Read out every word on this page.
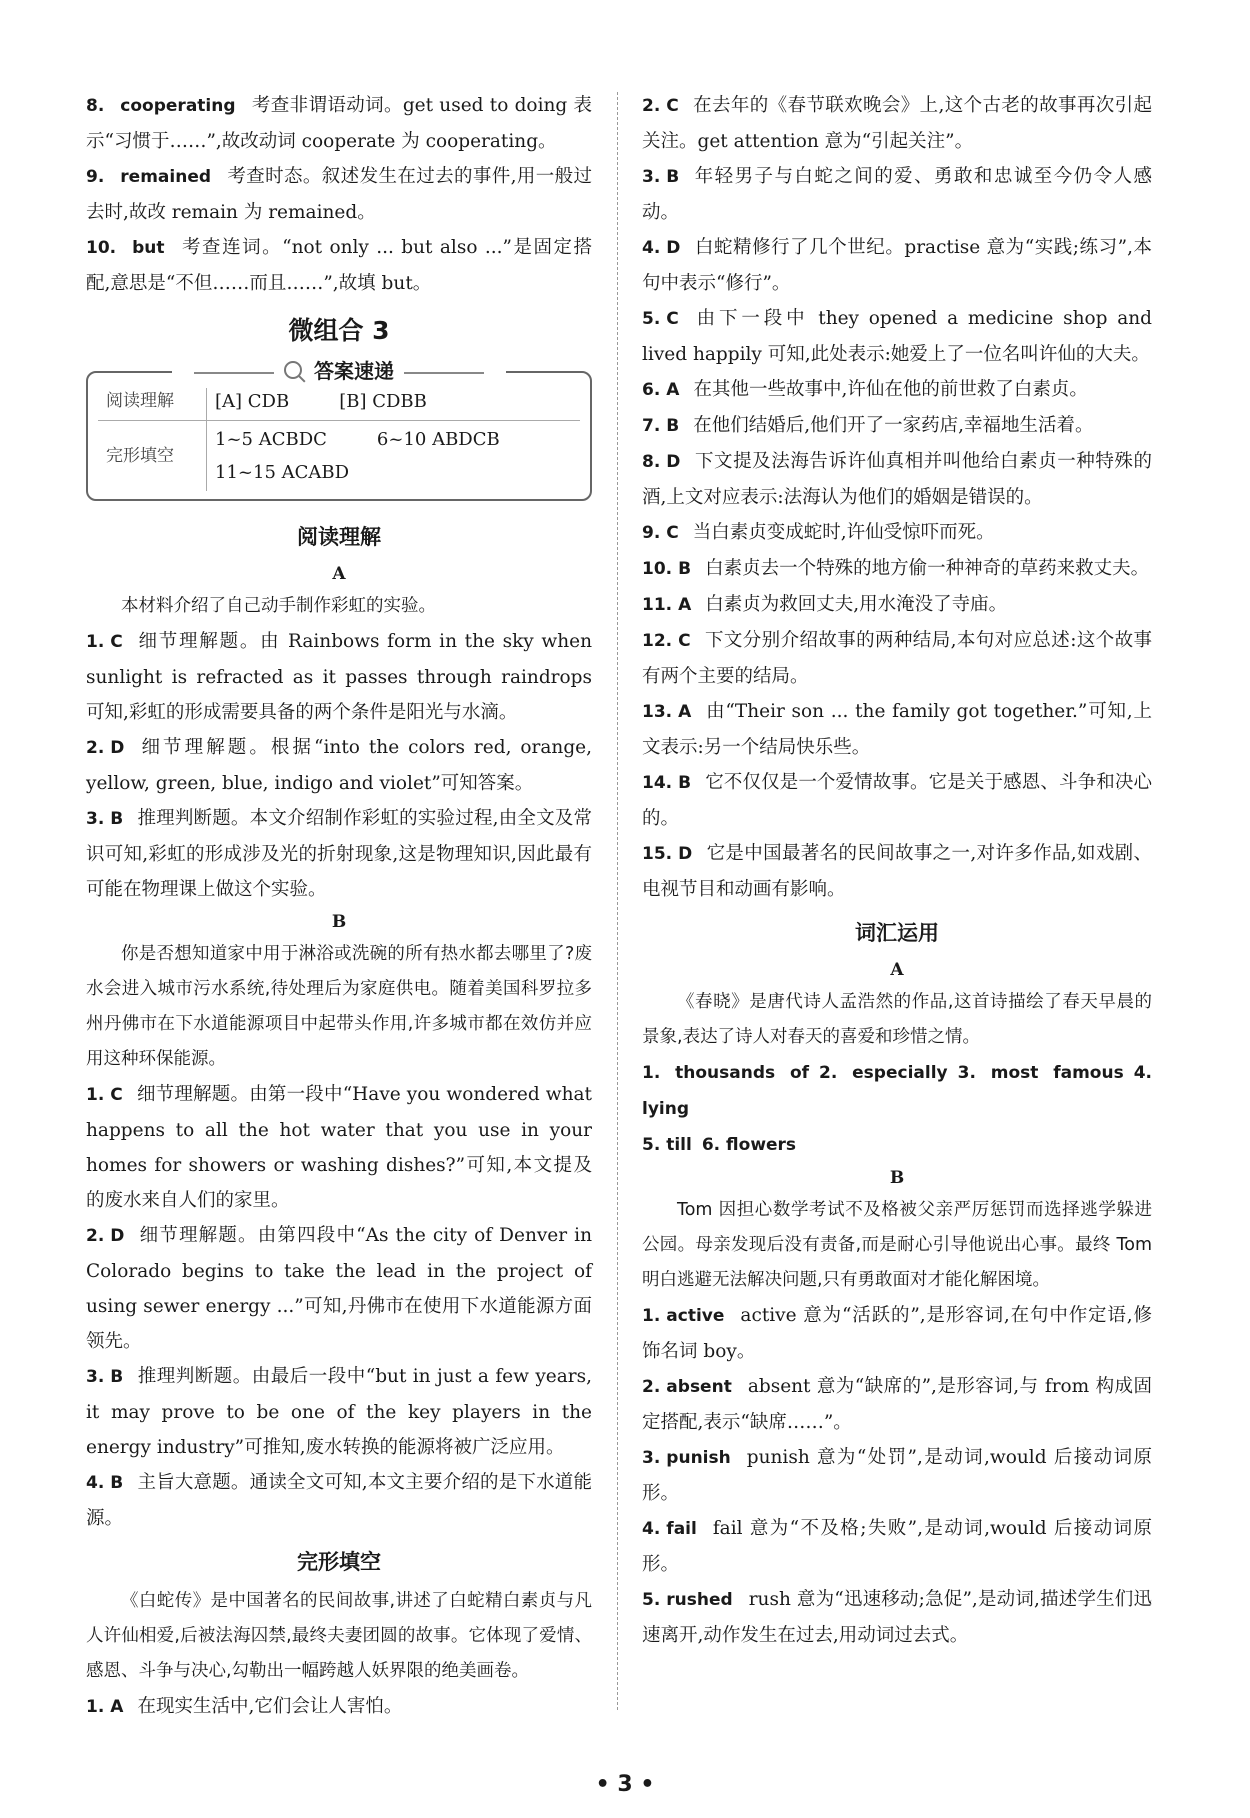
8. cooperating 考查非谓语动词。get used to doing 表示“习惯于……”,故改动词 cooperate 为 cooperating。

9. remained 考查时态。叙述发生在过去的事件,用一般过去时,故改 remain 为 remained。

10. but 考查连词。“not only ... but also ...”是固定搭配,意思是“不但……而且……”,故填 but。

微组合 3
答案速递
阅读理解	[A] CDB [B] CDBB
完形填空	1~5 ACBDC 6~10 ABDCB
11~15 ACABD
阅读理解
A

本材料介绍了自己动手制作彩虹的实验。

1. C 细节理解题。由 Rainbows form in the sky when sunlight is refracted as it passes through raindrops 可知,彩虹的形成需要具备的两个条件是阳光与水滴。

2. D 细节理解题。根据“into the colors red, orange, yellow, green, blue, indigo and violet”可知答案。

3. B 推理判断题。本文介绍制作彩虹的实验过程,由全文及常识可知,彩虹的形成涉及光的折射现象,这是物理知识,因此最有可能在物理课上做这个实验。

B

你是否想知道家中用于淋浴或洗碗的所有热水都去哪里了?废水会进入城市污水系统,待处理后为家庭供电。随着美国科罗拉多州丹佛市在下水道能源项目中起带头作用,许多城市都在效仿并应用这种环保能源。

1. C 细节理解题。由第一段中“Have you wondered what happens to all the hot water that you use in your homes for showers or washing dishes?”可知,本文提及的废水来自人们的家里。

2. D 细节理解题。由第四段中“As the city of Denver in Colorado begins to take the lead in the project of using sewer energy ...”可知,丹佛市在使用下水道能源方面领先。

3. B 推理判断题。由最后一段中“but in just a few years, it may prove to be one of the key players in the energy industry”可推知,废水转换的能源将被广泛应用。

4. B 主旨大意题。通读全文可知,本文主要介绍的是下水道能源。

完形填空

《白蛇传》是中国著名的民间故事,讲述了白蛇精白素贞与凡人许仙相爱,后被法海囚禁,最终夫妻团圆的故事。它体现了爱情、感恩、斗争与决心,勾勒出一幅跨越人妖界限的绝美画卷。

1. A 在现实生活中,它们会让人害怕。

2. C 在去年的《春节联欢晚会》上,这个古老的故事再次引起关注。get attention 意为“引起关注”。

3. B 年轻男子与白蛇之间的爱、勇敢和忠诚至今仍令人感动。

4. D 白蛇精修行了几个世纪。practise 意为“实践;练习”,本句中表示“修行”。

5. C 由下一段中 they opened a medicine shop and lived happily 可知,此处表示:她爱上了一位名叫许仙的大夫。

6. A 在其他一些故事中,许仙在他的前世救了白素贞。

7. B 在他们结婚后,他们开了一家药店,幸福地生活着。

8. D 下文提及法海告诉许仙真相并叫他给白素贞一种特殊的酒,上文对应表示:法海认为他们的婚姻是错误的。

9. C 当白素贞变成蛇时,许仙受惊吓而死。

10. B 白素贞去一个特殊的地方偷一种神奇的草药来救丈夫。

11. A 白素贞为救回丈夫,用水淹没了寺庙。

12. C 下文分别介绍故事的两种结局,本句对应总述:这个故事有两个主要的结局。

13. A 由“Their son ... the family got together.”可知,上文表示:另一个结局快乐些。

14. B 它不仅仅是一个爱情故事。它是关于感恩、斗争和决心的。

15. D 它是中国最著名的民间故事之一,对许多作品,如戏剧、电视节目和动画有影响。

词汇运用
A

《春晓》是唐代诗人孟浩然的作品,这首诗描绘了春天早晨的景象,表达了诗人对春天的喜爱和珍惜之情。

1. thousands of 2. especially 3. most famous 4. lying

5. till 6. flowers

B

Tom 因担心数学考试不及格被父亲严厉惩罚而选择逃学躲进公园。母亲发现后没有责备,而是耐心引导他说出心事。最终 Tom 明白逃避无法解决问题,只有勇敢面对才能化解困境。

1. active active 意为“活跃的”,是形容词,在句中作定语,修饰名词 boy。

2. absent absent 意为“缺席的”,是形容词,与 from 构成固定搭配,表示“缺席……”。

3. punish punish 意为“处罚”,是动词,would 后接动词原形。

4. fail fail 意为“不及格;失败”,是动词,would 后接动词原形。

5. rushed rush 意为“迅速移动;急促”,是动词,描述学生们迅速离开,动作发生在过去,用动词过去式。

• 3 •
